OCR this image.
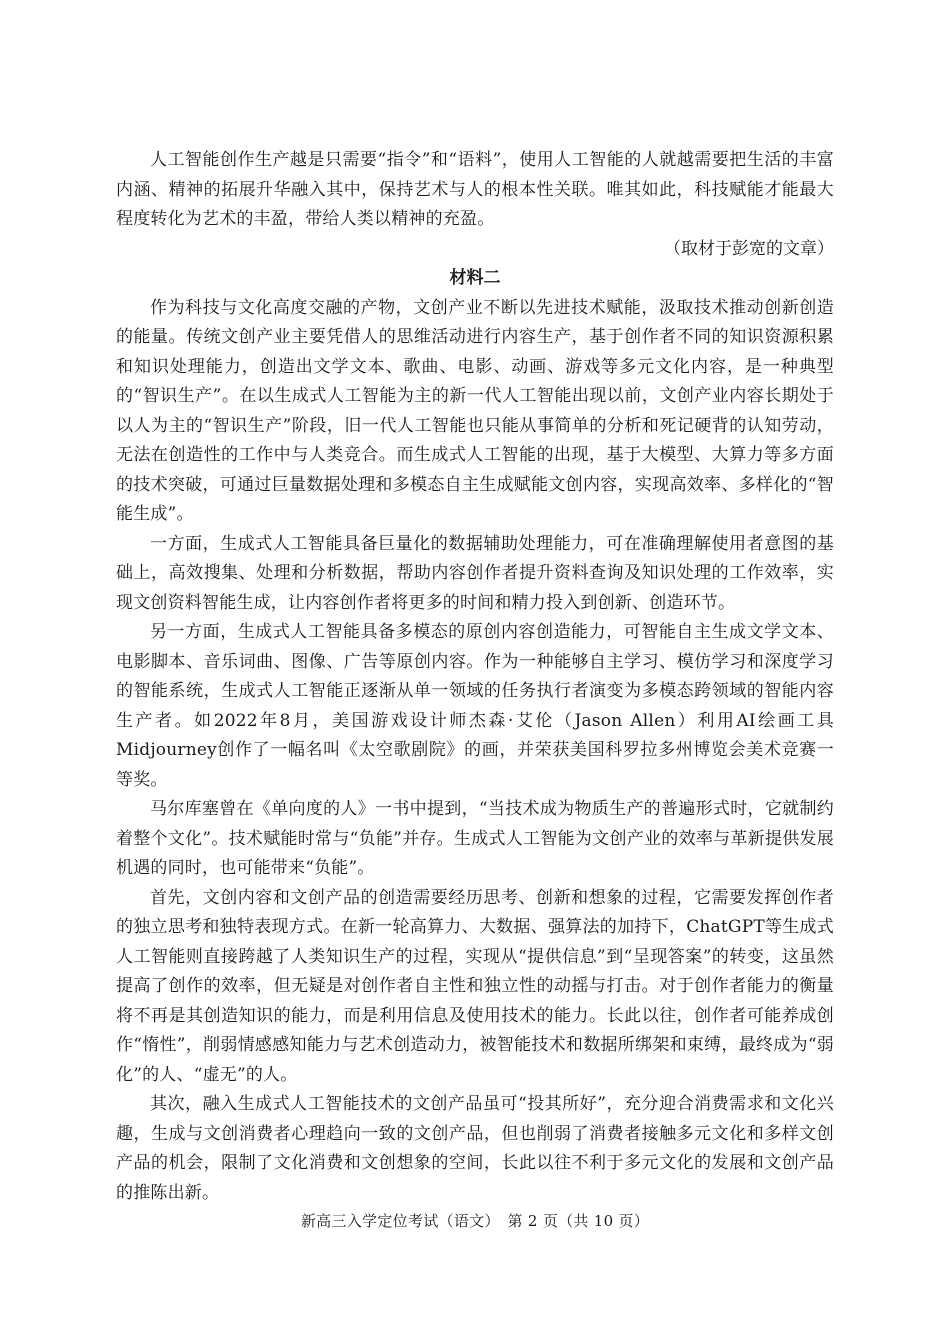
人工智能创作生产越是只需要“指令”和“语料”，使用人工智能的人就越需要把生活的丰富内涵、精神的拓展升华融入其中，保持艺术与人的根本性关联。唯其如此，科技赋能才能最大程度转化为艺术的丰盈，带给人类以精神的充盈。

（取材于彭宽的文章）

材料二

作为科技与文化高度交融的产物，文创产业不断以先进技术赋能，汲取技术推动创新创造的能量。传统文创产业主要凭借人的思维活动进行内容生产，基于创作者不同的知识资源积累和知识处理能力，创造出文学文本、歌曲、电影、动画、游戏等多元文化内容，是一种典型的“智识生产”。在以生成式人工智能为主的新一代人工智能出现以前，文创产业内容长期处于以人为主的“智识生产”阶段，旧一代人工智能也只能从事简单的分析和死记硬背的认知劳动，无法在创造性的工作中与人类竞合。而生成式人工智能的出现，基于大模型、大算力等多方面的技术突破，可通过巨量数据处理和多模态自主生成赋能文创内容，实现高效率、多样化的“智能生成”。

一方面，生成式人工智能具备巨量化的数据辅助处理能力，可在准确理解使用者意图的基础上，高效搜集、处理和分析数据，帮助内容创作者提升资料查询及知识处理的工作效率，实现文创资料智能生成，让内容创作者将更多的时间和精力投入到创新、创造环节。

另一方面，生成式人工智能具备多模态的原创内容创造能力，可智能自主生成文学文本、电影脚本、音乐词曲、图像、广告等原创内容。作为一种能够自主学习、模仿学习和深度学习的智能系统，生成式人工智能正逐渐从单一领域的任务执行者演变为多模态跨领域的智能内容生产者。如2022年8月，美国游戏设计师杰森·艾伦（Jason Allen）利用AI绘画工具Midjourney创作了一幅名叫《太空歌剧院》的画，并荣获美国科罗拉多州博览会美术竞赛一等奖。

马尔库塞曾在《单向度的人》一书中提到，“当技术成为物质生产的普遍形式时，它就制约着整个文化”。技术赋能时常与“负能”并存。生成式人工智能为文创产业的效率与革新提供发展机遇的同时，也可能带来“负能”。

首先，文创内容和文创产品的创造需要经历思考、创新和想象的过程，它需要发挥创作者的独立思考和独特表现方式。在新一轮高算力、大数据、强算法的加持下，ChatGPT等生成式人工智能则直接跨越了人类知识生产的过程，实现从“提供信息”到“呈现答案”的转变，这虽然提高了创作的效率，但无疑是对创作者自主性和独立性的动摇与打击。对于创作者能力的衡量将不再是其创造知识的能力，而是利用信息及使用技术的能力。长此以往，创作者可能养成创作“惰性”，削弱情感感知能力与艺术创造动力，被智能技术和数据所绑架和束缚，最终成为“弱化”的人、“虚无”的人。

其次，融入生成式人工智能技术的文创产品虽可“投其所好”，充分迎合消费需求和文化兴趣，生成与文创消费者心理趋向一致的文创产品，但也削弱了消费者接触多元文化和多样文创产品的机会，限制了文化消费和文创想象的空间，长此以往不利于多元文化的发展和文创产品的推陈出新。

新高三入学定位考试（语文）　第 2 页（共 10 页）
